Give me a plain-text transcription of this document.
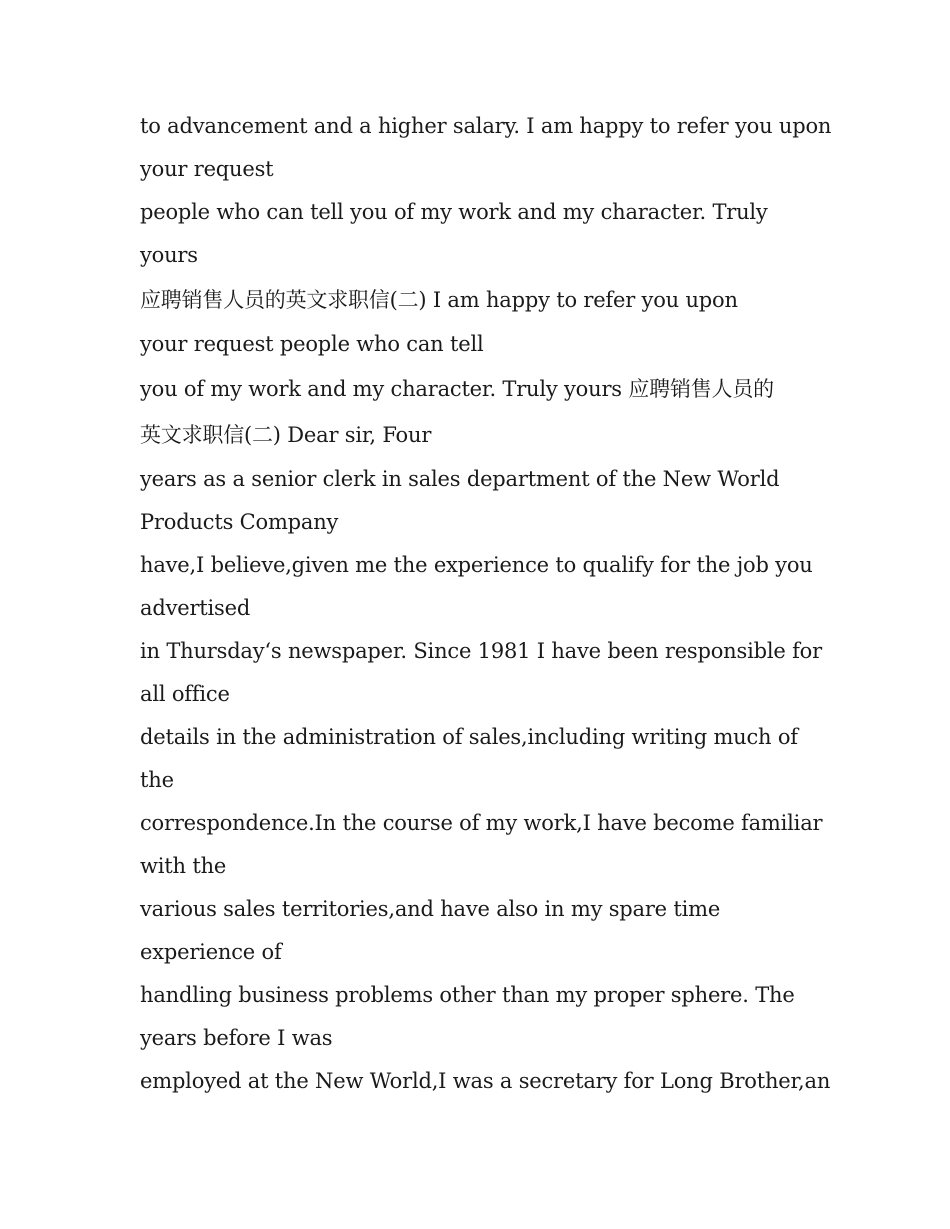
to advancement and a higher salary. I am happy to refer you upon
your request
people who can tell you of my work and my character. Truly
yours
应聘销售人员的英文求职信(二) I am happy to refer you upon
your request people who can tell
you of my work and my character. Truly yours 应聘销售人员的
英文求职信(二) Dear sir, Four
years as a senior clerk in sales department of the New World
Products Company
have,I believe,given me the experience to qualify for the job you
advertised
in Thursday‘s newspaper. Since 1981 I have been responsible for
all office
details in the administration of sales,including writing much of
the
correspondence.In the course of my work,I have become familiar
with the
various sales territories,and have also in my spare time
experience of
handling business problems other than my proper sphere. The
years before I was
employed at the New World,I was a secretary for Long Brother,an
